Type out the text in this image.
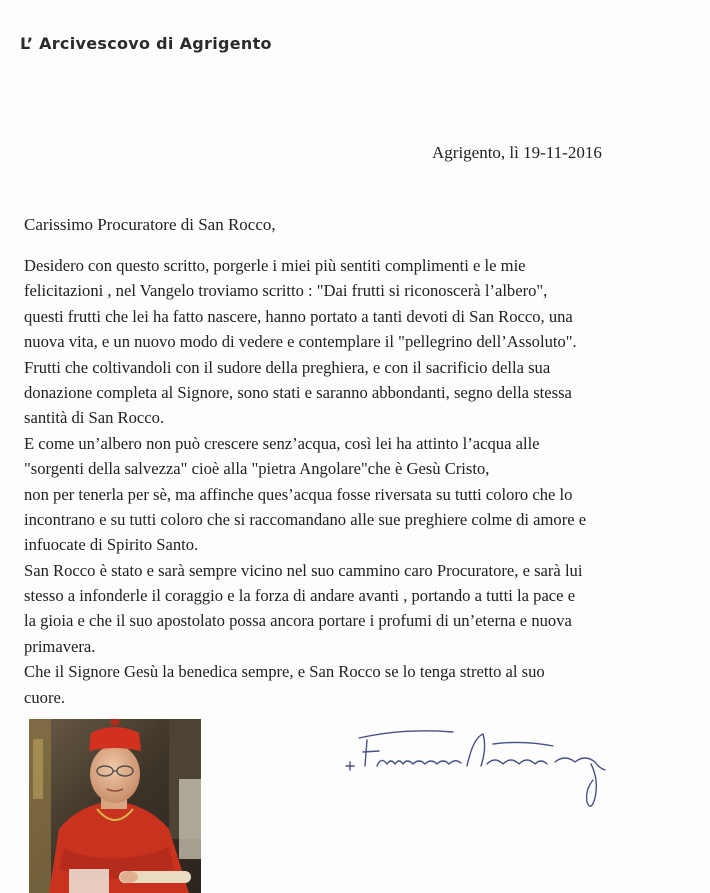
L’ Arcivescovo di Agrigento
Agrigento, lì 19-11-2016
Carissimo Procuratore di San Rocco,
Desidero con questo scritto, porgerle i miei più sentiti complimenti e le mie
felicitazioni , nel Vangelo troviamo scritto : "Dai frutti si riconoscerà l’albero",
questi frutti che lei ha fatto nascere, hanno portato a tanti devoti di San Rocco, una
nuova vita, e un nuovo modo di vedere e contemplare il "pellegrino dell’Assoluto".
Frutti che coltivandoli con il sudore della preghiera, e con il sacrificio della sua
donazione completa al Signore, sono stati e saranno abbondanti, segno della stessa
santità di San Rocco.
E come un’albero non può crescere senz’acqua, così lei ha attinto l’acqua alle
"sorgenti della salvezza" cioè alla "pietra Angolare"che è Gesù Cristo,
non per tenerla per sè, ma affinche ques’acqua fosse riversata su tutti coloro che lo
incontrano e su tutti coloro che si raccomandano alle sue preghiere colme di amore e
infuocate di Spirito Santo.
San Rocco è stato e sarà sempre vicino nel suo cammino caro Procuratore, e sarà lui
stesso a infonderle il coraggio e la forza di andare avanti , portando a tutti la pace e
la gioia e che il suo apostolato possa ancora portare i profumi di un’eterna e nuova
primavera.
Che il Signore Gesù la benedica sempre, e San Rocco se lo tenga stretto al suo
cuore.
